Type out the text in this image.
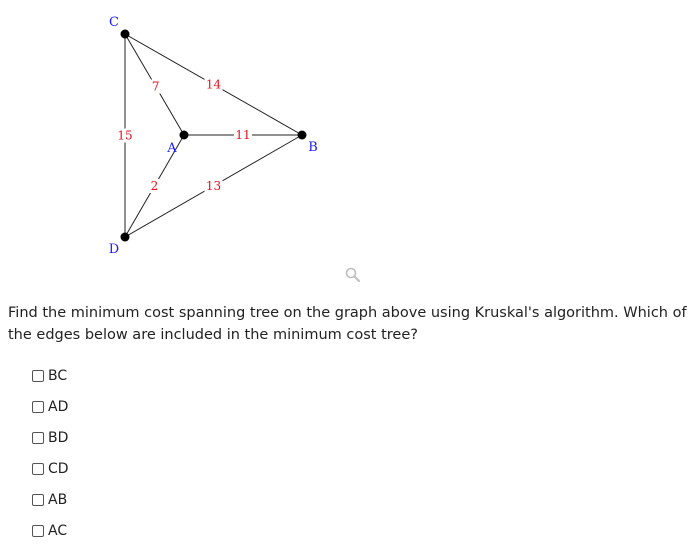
7	14
15	11
2	13
C
A	B
D

Find the minimum cost spanning tree on the graph above using Kruskal's algorithm. Which of the edges below are included in the minimum cost tree?

BC
AD
BD
CD
AB
AC
